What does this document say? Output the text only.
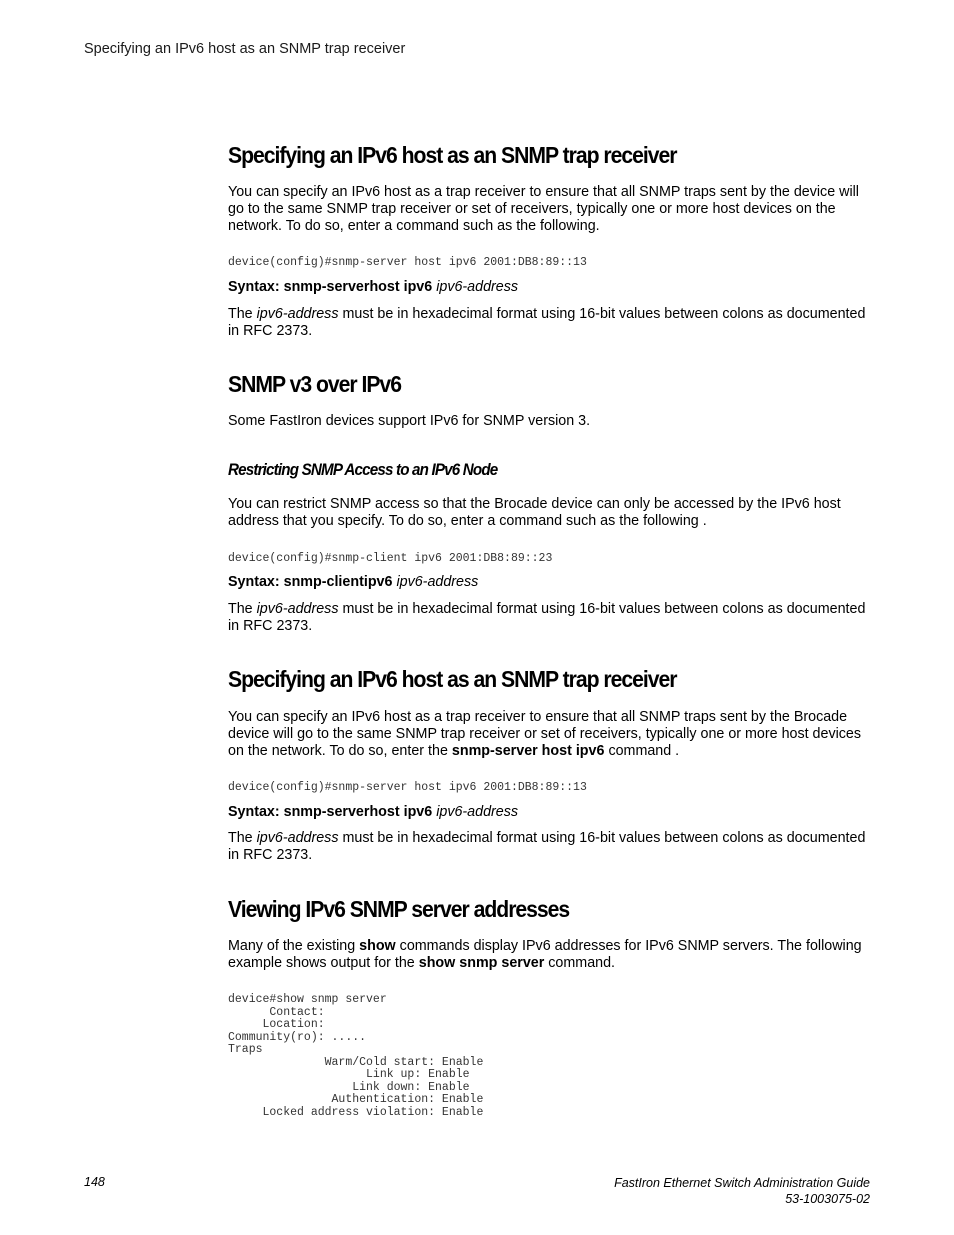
Specifying an IPv6 host as an SNMP trap receiver
Specifying an IPv6 host as an SNMP trap receiver

You can specify an IPv6 host as a trap receiver to ensure that all SNMP traps sent by the device will go to the same SNMP trap receiver or set of receivers, typically one or more host devices on the network. To do so, enter a command such as the following.

device(config)#snmp-server host ipv6 2001:DB8:89::13

Syntax: snmp-serverhost ipv6 ipv6-address

The ipv6-address must be in hexadecimal format using 16-bit values between colons as documented in RFC 2373.

SNMP v3 over IPv6

Some FastIron devices support IPv6 for SNMP version 3.

Restricting SNMP Access to an IPv6 Node

You can restrict SNMP access so that the Brocade device can only be accessed by the IPv6 host address that you specify. To do so, enter a command such as the following .

device(config)#snmp-client ipv6 2001:DB8:89::23

Syntax: snmp-clientipv6 ipv6-address

The ipv6-address must be in hexadecimal format using 16-bit values between colons as documented in RFC 2373.

Specifying an IPv6 host as an SNMP trap receiver

You can specify an IPv6 host as a trap receiver to ensure that all SNMP traps sent by the Brocade device will go to the same SNMP trap receiver or set of receivers, typically one or more host devices on the network. To do so, enter the snmp-server host ipv6 command .

device(config)#snmp-server host ipv6 2001:DB8:89::13

Syntax: snmp-serverhost ipv6 ipv6-address

The ipv6-address must be in hexadecimal format using 16-bit values between colons as documented in RFC 2373.

Viewing IPv6 SNMP server addresses

Many of the existing show commands display IPv6 addresses for IPv6 SNMP servers. The following example shows output for the show snmp server command.

device#show snmp server
Contact:
Location:
Community(ro): .....
Traps
Warm/Cold start: Enable
Link up: Enable
Link down: Enable
Authentication: Enable
Locked address violation: Enable
148	FastIron Ethernet Switch Administration Guide
53-1003075-02
